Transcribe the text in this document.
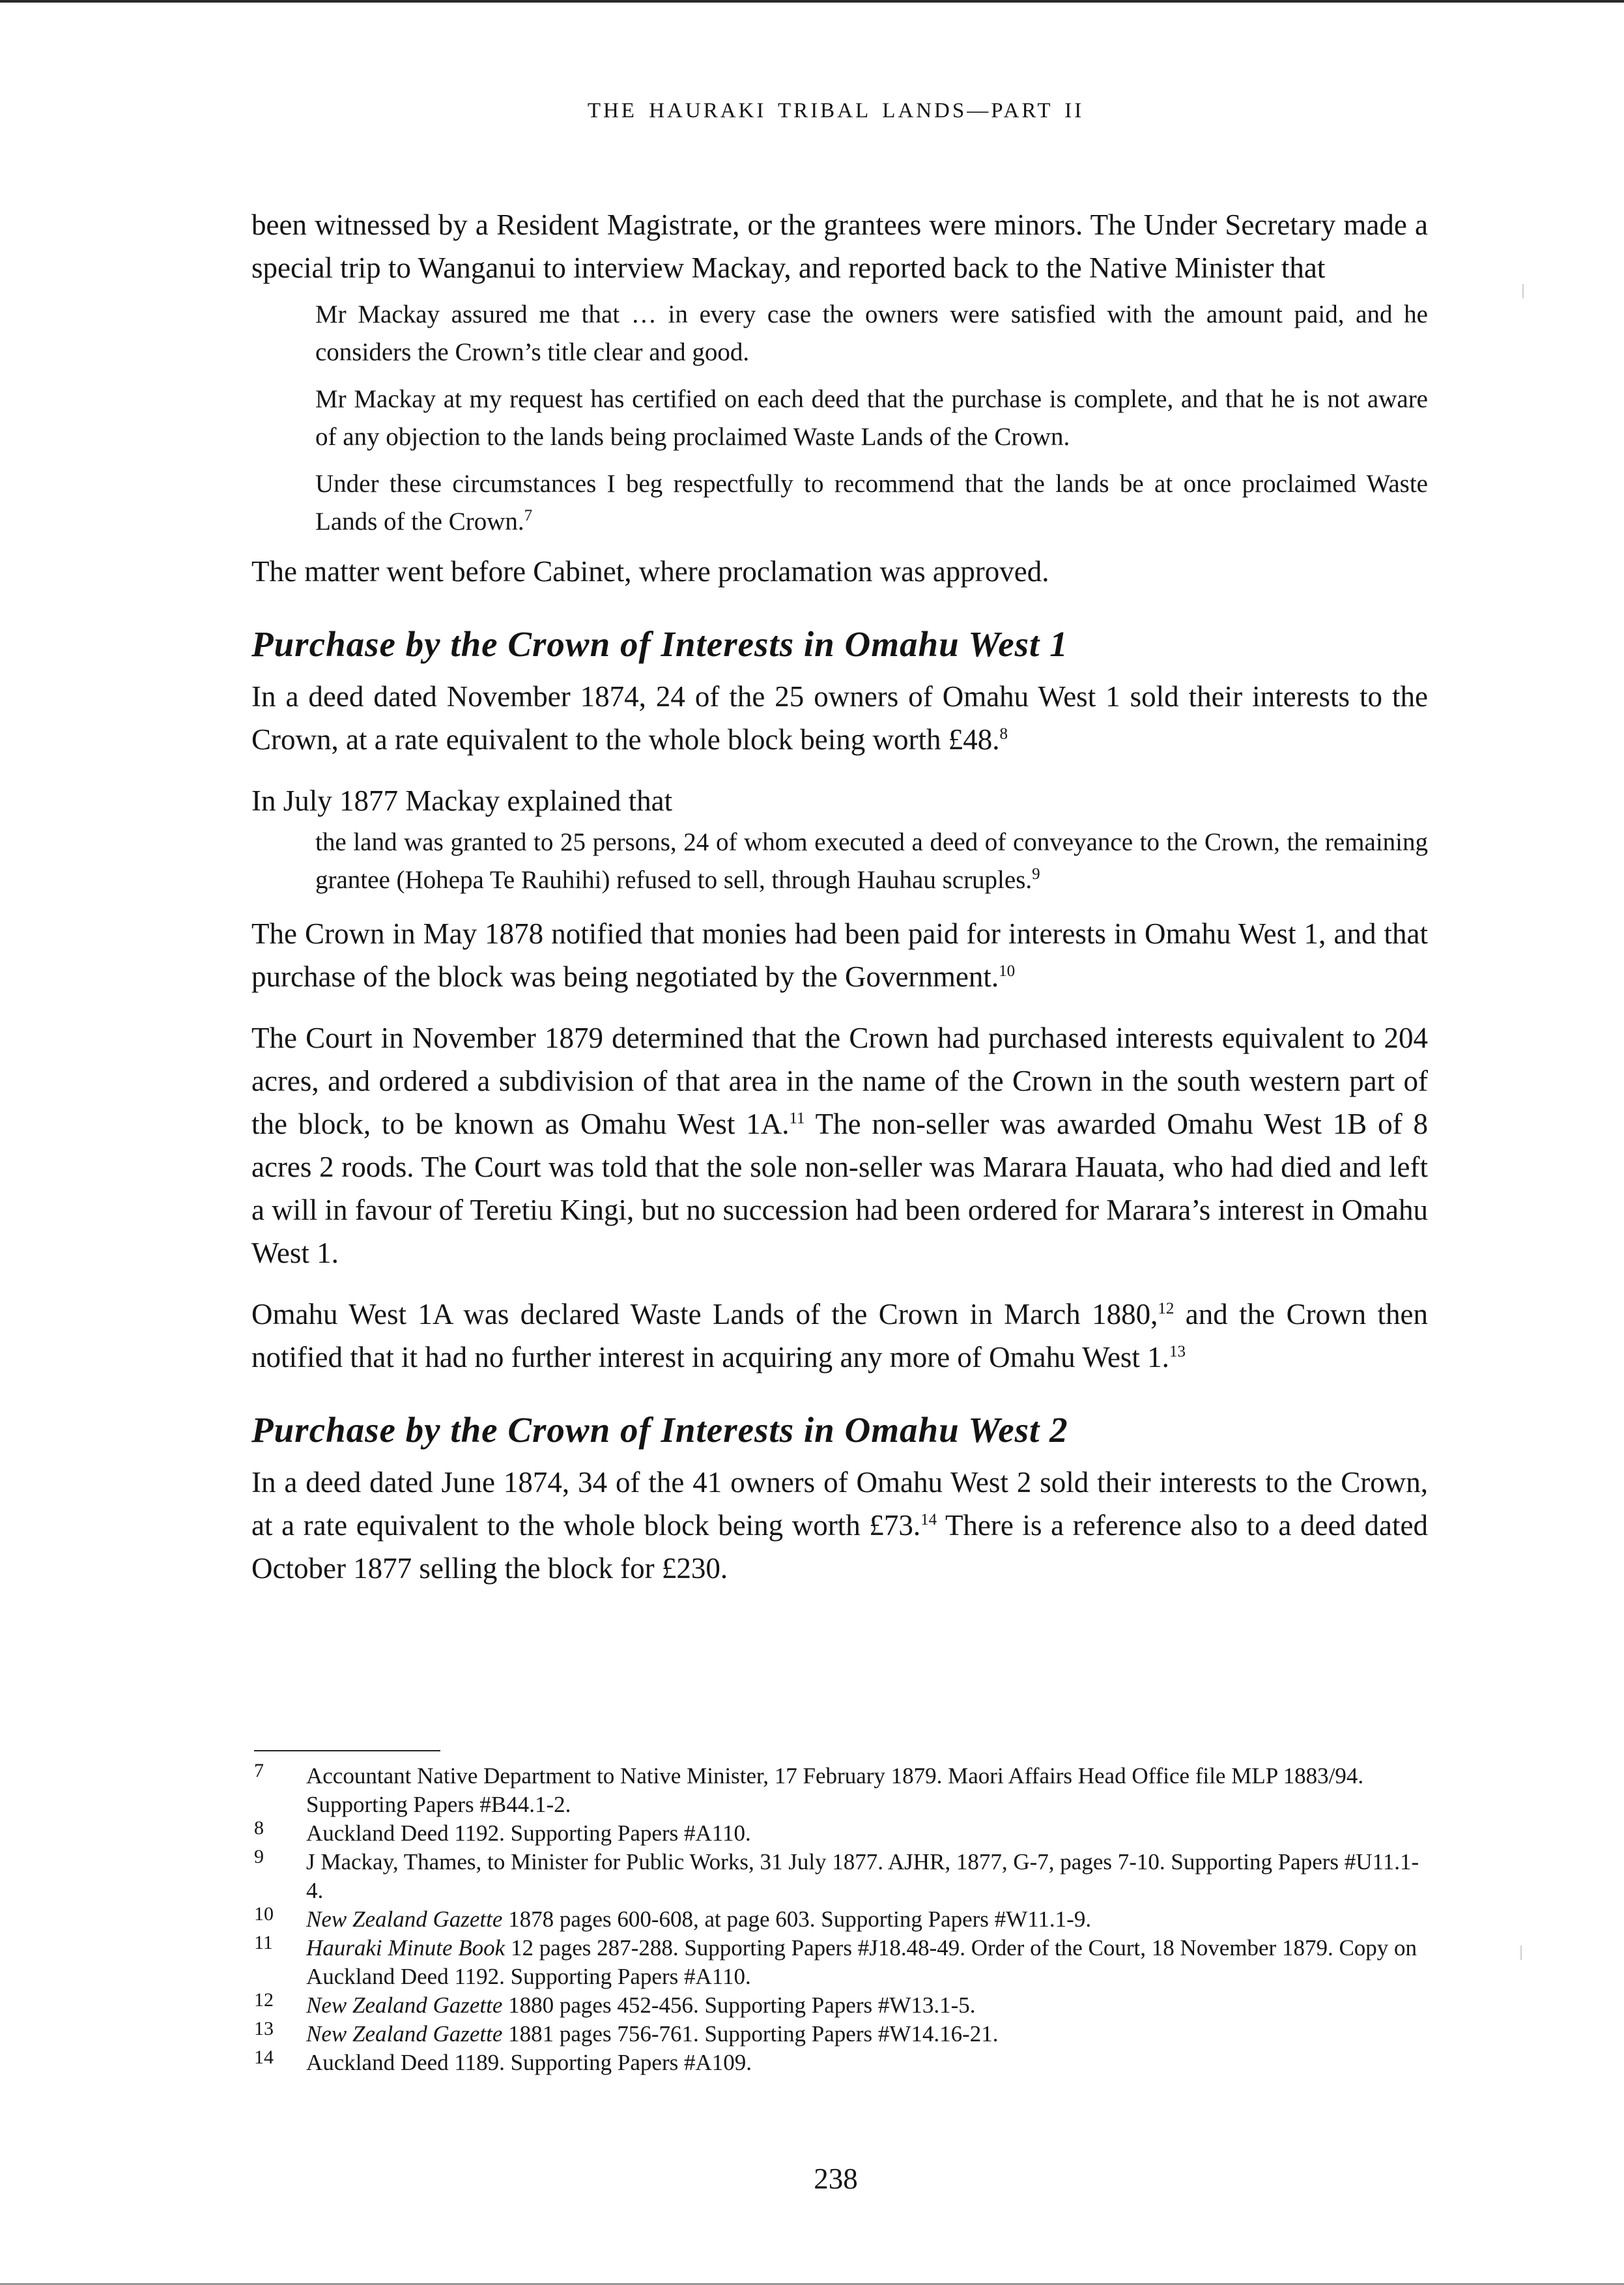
THE HAURAKI TRIBAL LANDS—PART II

been witnessed by a Resident Magistrate, or the grantees were minors. The Under Secretary made a special trip to Wanganui to interview Mackay, and reported back to the Native Minister that

Mr Mackay assured me that … in every case the owners were satisfied with the amount paid, and he considers the Crown’s title clear and good.

Mr Mackay at my request has certified on each deed that the purchase is complete, and that he is not aware of any objection to the lands being proclaimed Waste Lands of the Crown.

Under these circumstances I beg respectfully to recommend that the lands be at once proclaimed Waste Lands of the Crown.$^7$

The matter went before Cabinet, where proclamation was approved.

Purchase by the Crown of Interests in Omahu West 1

In a deed dated November 1874, 24 of the 25 owners of Omahu West 1 sold their interests to the Crown, at a rate equivalent to the whole block being worth £48.$^8$

In July 1877 Mackay explained that

the land was granted to 25 persons, 24 of whom executed a deed of conveyance to the Crown, the remaining grantee (Hohepa Te Rauhihi) refused to sell, through Hauhau scruples.$^9$

The Crown in May 1878 notified that monies had been paid for interests in Omahu West 1, and that purchase of the block was being negotiated by the Government.$^{10}$

The Court in November 1879 determined that the Crown had purchased interests equivalent to 204 acres, and ordered a subdivision of that area in the name of the Crown in the south western part of the block, to be known as Omahu West 1A.$^{11}$ The non-seller was awarded Omahu West 1B of 8 acres 2 roods. The Court was told that the sole non-seller was Marara Hauata, who had died and left a will in favour of Teretiu Kingi, but no succession had been ordered for Marara’s interest in Omahu West 1.

Omahu West 1A was declared Waste Lands of the Crown in March 1880,12 and the Crown then notified that it had no further interest in acquiring any more of Omahu West 1.13

Purchase by the Crown of Interests in Omahu West 2

In a deed dated June 1874, 34 of the 41 owners of Omahu West 2 sold their interests to the Crown, at a rate equivalent to the whole block being worth £73.14 There is a reference also to a deed dated October 1877 selling the block for £230.

7 Accountant Native Department to Native Minister, 17 February 1879. Maori Affairs Head Office file MLP 1883/94. Supporting Papers #B44.1-2.
8 Auckland Deed 1192. Supporting Papers #A110.
9 J Mackay, Thames, to Minister for Public Works, 31 July 1877. AJHR, 1877, G-7, pages 7-10. Supporting Papers #U11.1-4.
10 New Zealand Gazette 1878 pages 600-608, at page 603. Supporting Papers #W11.1-9.
11 Hauraki Minute Book 12 pages 287-288. Supporting Papers #J18.48-49. Order of the Court, 18 November 1879. Copy on Auckland Deed 1192. Supporting Papers #A110.
12 New Zealand Gazette 1880 pages 452-456. Supporting Papers #W13.1-5.
13 New Zealand Gazette 1881 pages 756-761. Supporting Papers #W14.16-21.
14 Auckland Deed 1189. Supporting Papers #A109.
238
